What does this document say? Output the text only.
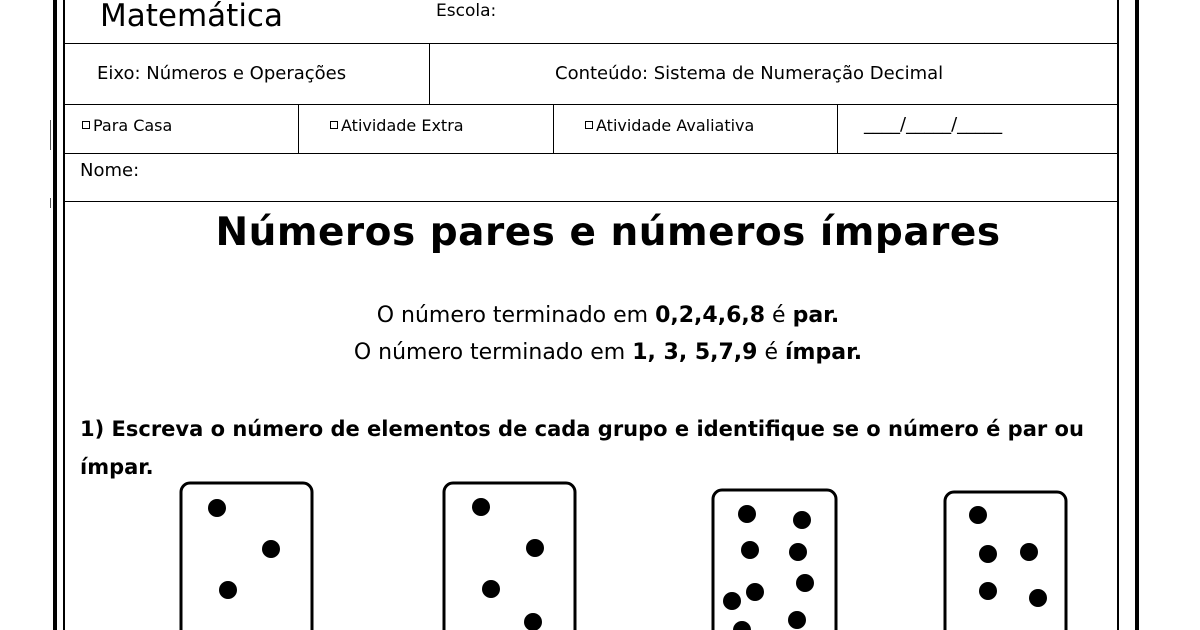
Matemática	Escola:
Eixo: Números e Operações	Conteúdo: Sistema de Numeração Decimal
Para Casa	Atividade Extra	Atividade Avaliativa	____/_____/_____
Nome:
Números pares e números ímpares
O número terminado em 0,2,4,6,8 é par.
O número terminado em 1, 3, 5,7,9 é ímpar.
1) Escreva o número de elementos de cada grupo e identifique se o número é par ou ímpar.
